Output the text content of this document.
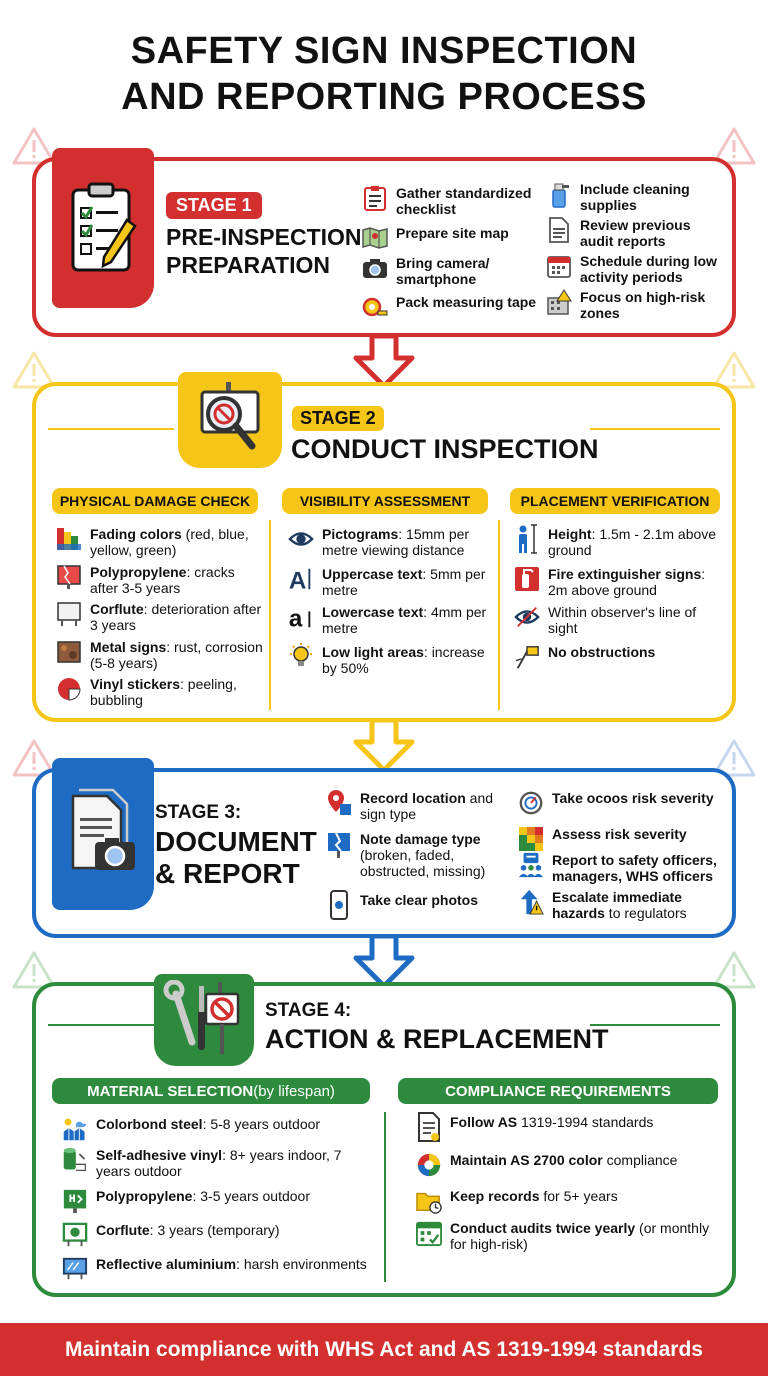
SAFETY SIGN INSPECTION
AND REPORTING PROCESS
STAGE 1
PRE-INSPECTION
PREPARATION
Gather standardized checklist
Prepare site map
Bring camera/ smartphone
Pack measuring tape
Include cleaning supplies
Review previous audit reports
Schedule during low activity periods
Focus on high-risk zones
STAGE 2
CONDUCT INSPECTION
PHYSICAL DAMAGE CHECK	VISIBILITY ASSESSMENT	PLACEMENT VERIFICATION
Fading colors (red, blue, yellow, green)
Polypropylene: cracks after 3-5 years
Corflute: deterioration after 3 years
Metal signs: rust, corrosion (5-8 years)
Vinyl stickers: peeling, bubbling
Pictograms: 15mm per metre viewing distance
A Uppercase text: 5mm per metre
a Lowercase text: 4mm per metre
Low light areas: increase by 50%
Height: 1.5m - 2.1m above ground
Fire extinguisher signs: 2m above ground
Within observer's line of sight
No obstructions
STAGE 3:
DOCUMENT
& REPORT
Record location and sign type
Note damage type (broken, faded, obstructed, missing)
Take clear photos
Take ocoos risk severity
Assess risk severity
Report to safety officers, managers, WHS officers
Escalate immediate hazards to regulators
STAGE 4:
ACTION & REPLACEMENT
MATERIAL SELECTION (by lifespan)	COMPLIANCE REQUIREMENTS
Colorbond steel: 5-8 years outdoor
Self-adhesive vinyl: 8+ years indoor, 7 years outdoor
Polypropylene: 3-5 years outdoor
Corflute: 3 years (temporary)
Reflective aluminium: harsh environments
Follow AS 1319-1994 standards
Maintain AS 2700 color compliance
Keep records for 5+ years
Conduct audits twice yearly (or monthly for high-risk)
Maintain compliance with WHS Act and AS 1319-1994 standards
